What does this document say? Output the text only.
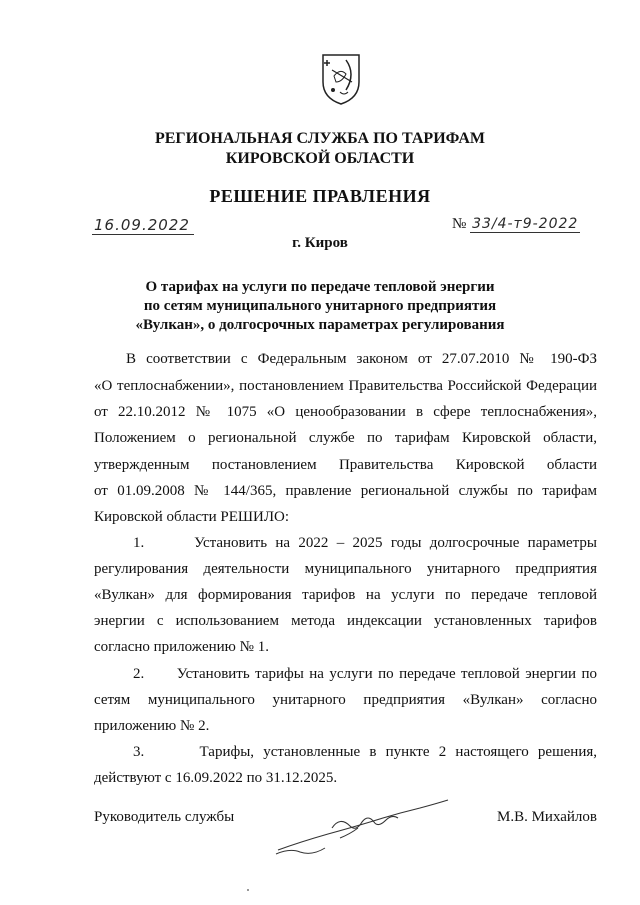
РЕГИОНАЛЬНАЯ СЛУЖБА ПО ТАРИФАМ
КИРОВСКОЙ ОБЛАСТИ
РЕШЕНИЕ ПРАВЛЕНИЯ
16.09.2022	№ 33/4-т9-2022
г. Киров
О тарифах на услуги по передаче тепловой энергии
по сетям муниципального унитарного предприятия
«Вулкан», о долгосрочных параметрах регулирования
В соответствии с Федеральным законом от 27.07.2010 № 190-ФЗ
«О теплоснабжении», постановлением Правительства Российской Федерации
от 22.10.2012 № 1075 «О ценообразовании в сфере теплоснабжения»,
Положением о региональной службе по тарифам Кировской области,
утвержденным постановлением Правительства Кировской области
от 01.09.2008 № 144/365, правление региональной службы по тарифам
Кировской области РЕШИЛО:
1.      Установить на 2022 – 2025 годы долгосрочные параметры
регулирования деятельности муниципального унитарного предприятия
«Вулкан» для формирования тарифов на услуги по передаче тепловой
энергии с использованием метода индексации установленных тарифов
согласно приложению № 1.
2.      Установить тарифы на услуги по передаче тепловой энергии по
сетям муниципального унитарного предприятия «Вулкан» согласно
приложению № 2.
3.      Тарифы, установленные в пункте 2 настоящего решения,
действуют с 16.09.2022 по 31.12.2025.
Руководитель службы	М.В. Михайлов
